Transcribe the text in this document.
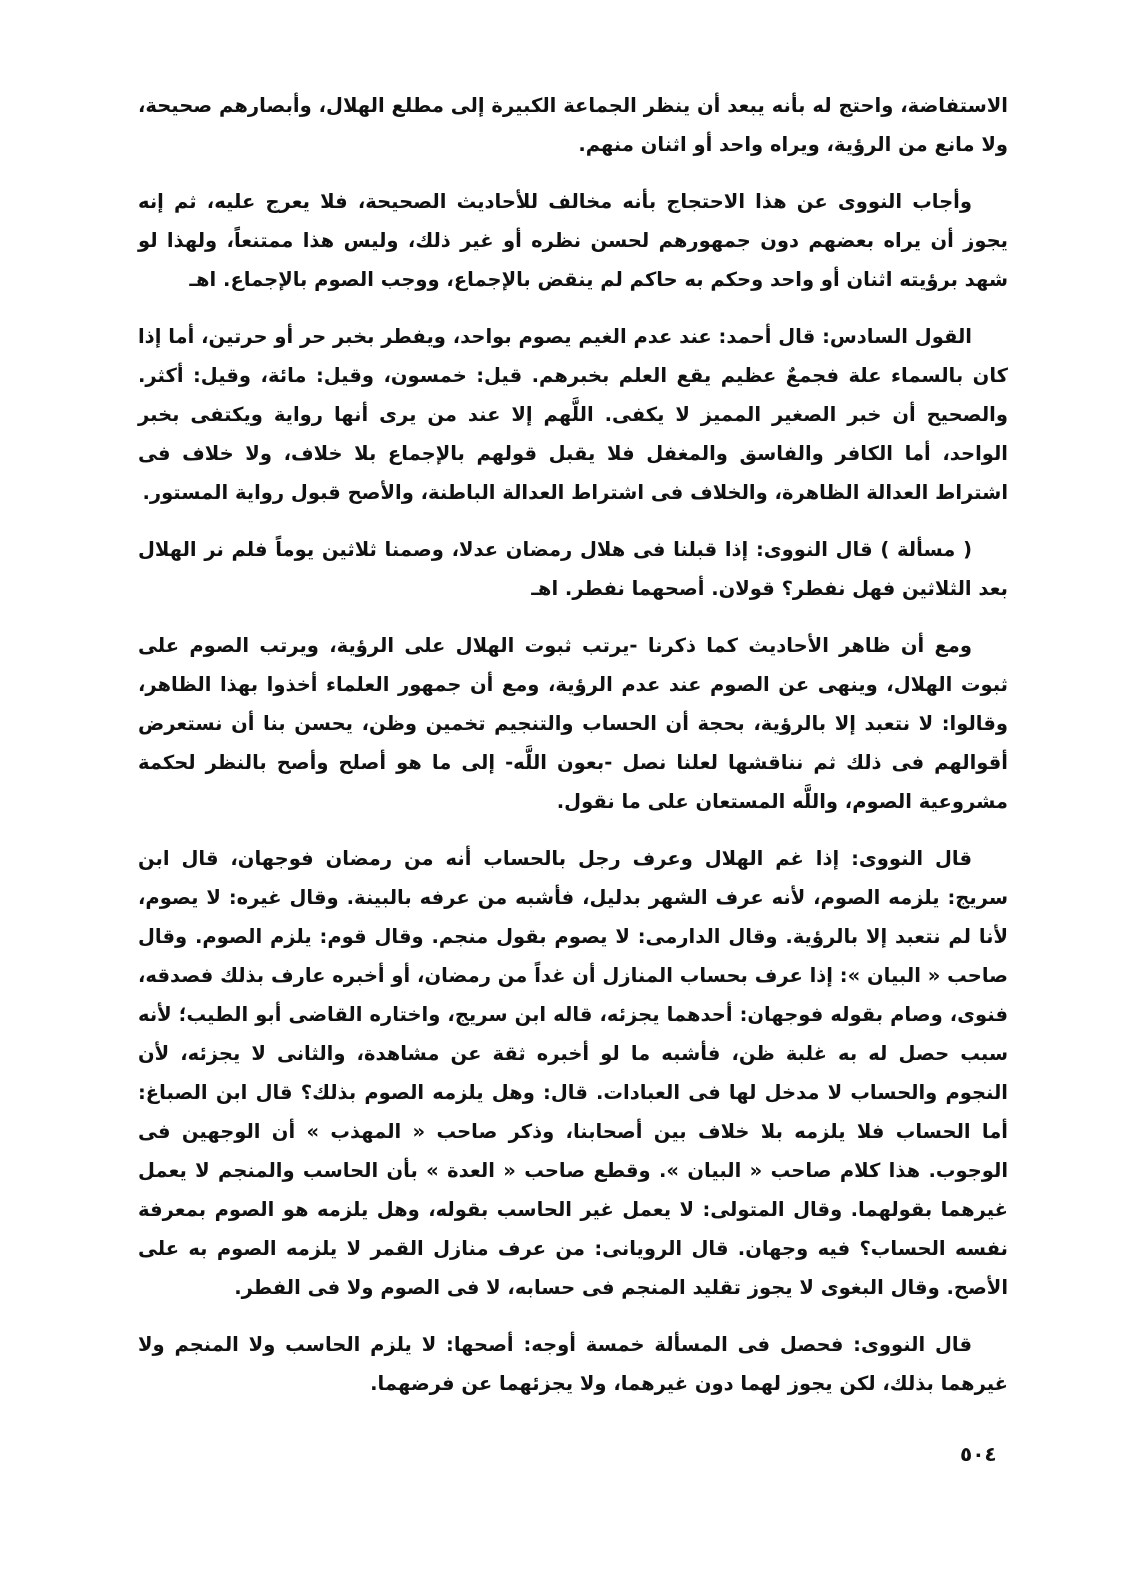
الاستفاضة، واحتج له بأنه يبعد أن ينظر الجماعة الكبيرة إلى مطلع الهلال، وأبصارهم صحيحة، ولا مانع من الرؤية، ويراه واحد أو اثنان منهم.

وأجاب النووى عن هذا الاحتجاج بأنه مخالف للأحاديث الصحيحة، فلا يعرج عليه، ثم إنه يجوز أن يراه بعضهم دون جمهورهم لحسن نظره أو غير ذلك، وليس هذا ممتنعاً، ولهذا لو شهد برؤيته اثنان أو واحد وحكم به حاكم لم ينقض بالإجماع، ووجب الصوم بالإجماع. اهـ

القول السادس: قال أحمد: عند عدم الغيم يصوم بواحد، ويفطر بخبر حر أو حرتين، أما إذا كان بالسماء علة فجمعٌ عظيم يقع العلم بخبرهم. قيل: خمسون، وقيل: مائة، وقيل: أكثر. والصحيح أن خبر الصغير المميز لا يكفى. اللَّهم إلا عند من يرى أنها رواية ويكتفى بخبر الواحد، أما الكافر والفاسق والمغفل فلا يقبل قولهم بالإجماع بلا خلاف، ولا خلاف فى اشتراط العدالة الظاهرة، والخلاف فى اشتراط العدالة الباطنة، والأصح قبول رواية المستور.

( مسألة ) قال النووى: إذا قبلنا فى هلال رمضان عدلا، وصمنا ثلاثين يوماً فلم نر الهلال بعد الثلاثين فهل نفطر؟ قولان. أصحهما نفطر. اهـ

ومع أن ظاهر الأحاديث كما ذكرنا -يرتب ثبوت الهلال على الرؤية، ويرتب الصوم على ثبوت الهلال، وينهى عن الصوم عند عدم الرؤية، ومع أن جمهور العلماء أخذوا بهذا الظاهر، وقالوا: لا نتعبد إلا بالرؤية، بحجة أن الحساب والتنجيم تخمين وظن، يحسن بنا أن نستعرض أقوالهم فى ذلك ثم نناقشها لعلنا نصل -بعون اللَّه- إلى ما هو أصلح وأصح بالنظر لحكمة مشروعية الصوم، واللَّه المستعان على ما نقول.

قال النووى: إذا غم الهلال وعرف رجل بالحساب أنه من رمضان فوجهان، قال ابن سريج: يلزمه الصوم، لأنه عرف الشهر بدليل، فأشبه من عرفه بالبينة. وقال غيره: لا يصوم، لأنا لم نتعبد إلا بالرؤية. وقال الدارمى: لا يصوم بقول منجم. وقال قوم: يلزم الصوم. وقال صاحب « البيان »: إذا عرف بحساب المنازل أن غداً من رمضان، أو أخبره عارف بذلك فصدقه، فنوى، وصام بقوله فوجهان: أحدهما يجزئه، قاله ابن سريج، واختاره القاضى أبو الطيب؛ لأنه سبب حصل له به غلبة ظن، فأشبه ما لو أخبره ثقة عن مشاهدة، والثانى لا يجزئه، لأن النجوم والحساب لا مدخل لها فى العبادات. قال: وهل يلزمه الصوم بذلك؟ قال ابن الصباغ: أما الحساب فلا يلزمه بلا خلاف بين أصحابنا، وذكر صاحب « المهذب » أن الوجهين فى الوجوب. هذا كلام صاحب « البيان ». وقطع صاحب « العدة » بأن الحاسب والمنجم لا يعمل غيرهما بقولهما. وقال المتولى: لا يعمل غير الحاسب بقوله، وهل يلزمه هو الصوم بمعرفة نفسه الحساب؟ فيه وجهان. قال الرويانى: من عرف منازل القمر لا يلزمه الصوم به على الأصح. وقال البغوى لا يجوز تقليد المنجم فى حسابه، لا فى الصوم ولا فى الفطر.

قال النووى: فحصل فى المسألة خمسة أوجه: أصحها: لا يلزم الحاسب ولا المنجم ولا غيرهما بذلك، لكن يجوز لهما دون غيرهما، ولا يجزئهما عن فرضهما.

٥٠٤
